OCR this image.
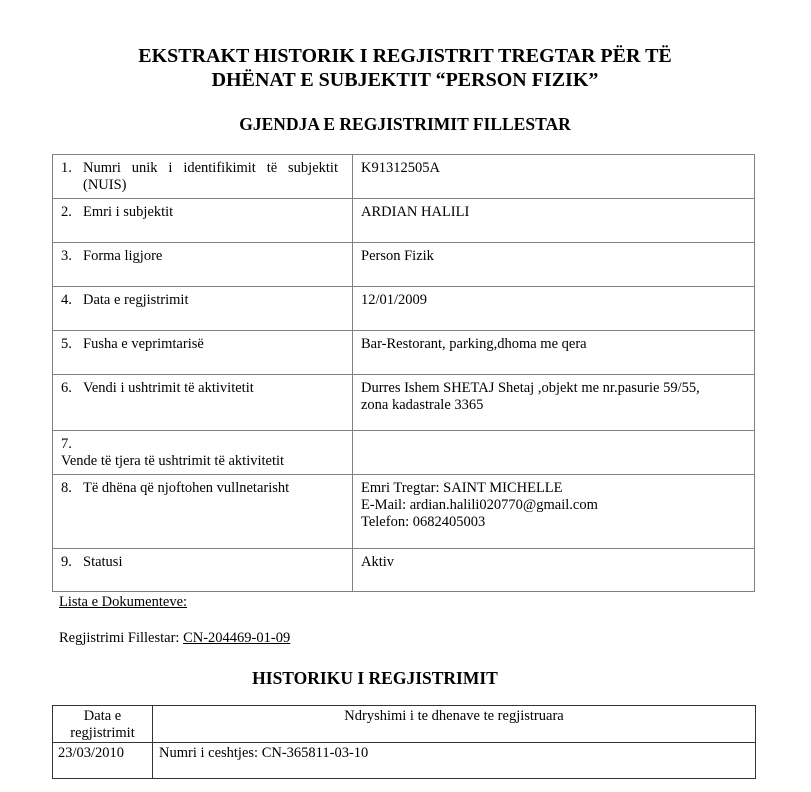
EKSTRAKT HISTORIK I REGJISTRIT TREGTAR PËR TË
DHËNAT E SUBJEKTIT “PERSON FIZIK”
GJENDJA E REGJISTRIMIT FILLESTAR
1. Numri unik i identifikimit të subjektit (NUIS)	K91312505A

2. Emri i subjektit	ARDIAN HALILI

3. Forma ligjore	Person Fizik

4. Data e regjistrimit	12/01/2009

5. Fusha e veprimtarisë	Bar-Restorant, parking,dhoma me qera

6. Vendi i ushtrimit të aktivitetit	Durres Ishem SHETAJ Shetaj ,objekt me nr.pasurie 59/55,
zona kadastrale 3365

7.Vende të tjera të ushtrimit të aktivitetit	
8. Të dhëna që njoftohen vullnetarisht	Emri Tregtar: SAINT MICHELLE
E-Mail: ardian.halili020770@gmail.com
Telefon: 0682405003

9. Statusi	Aktiv
Lista e Dokumenteve:
Regjistrimi Fillestar: CN-204469-01-09
HISTORIKU I REGJISTRIMIT
Data e
regjistrimit	Ndryshimi i te dhenave te regjistruara
23/03/2010	Numri i ceshtjes: CN-365811-03-10
